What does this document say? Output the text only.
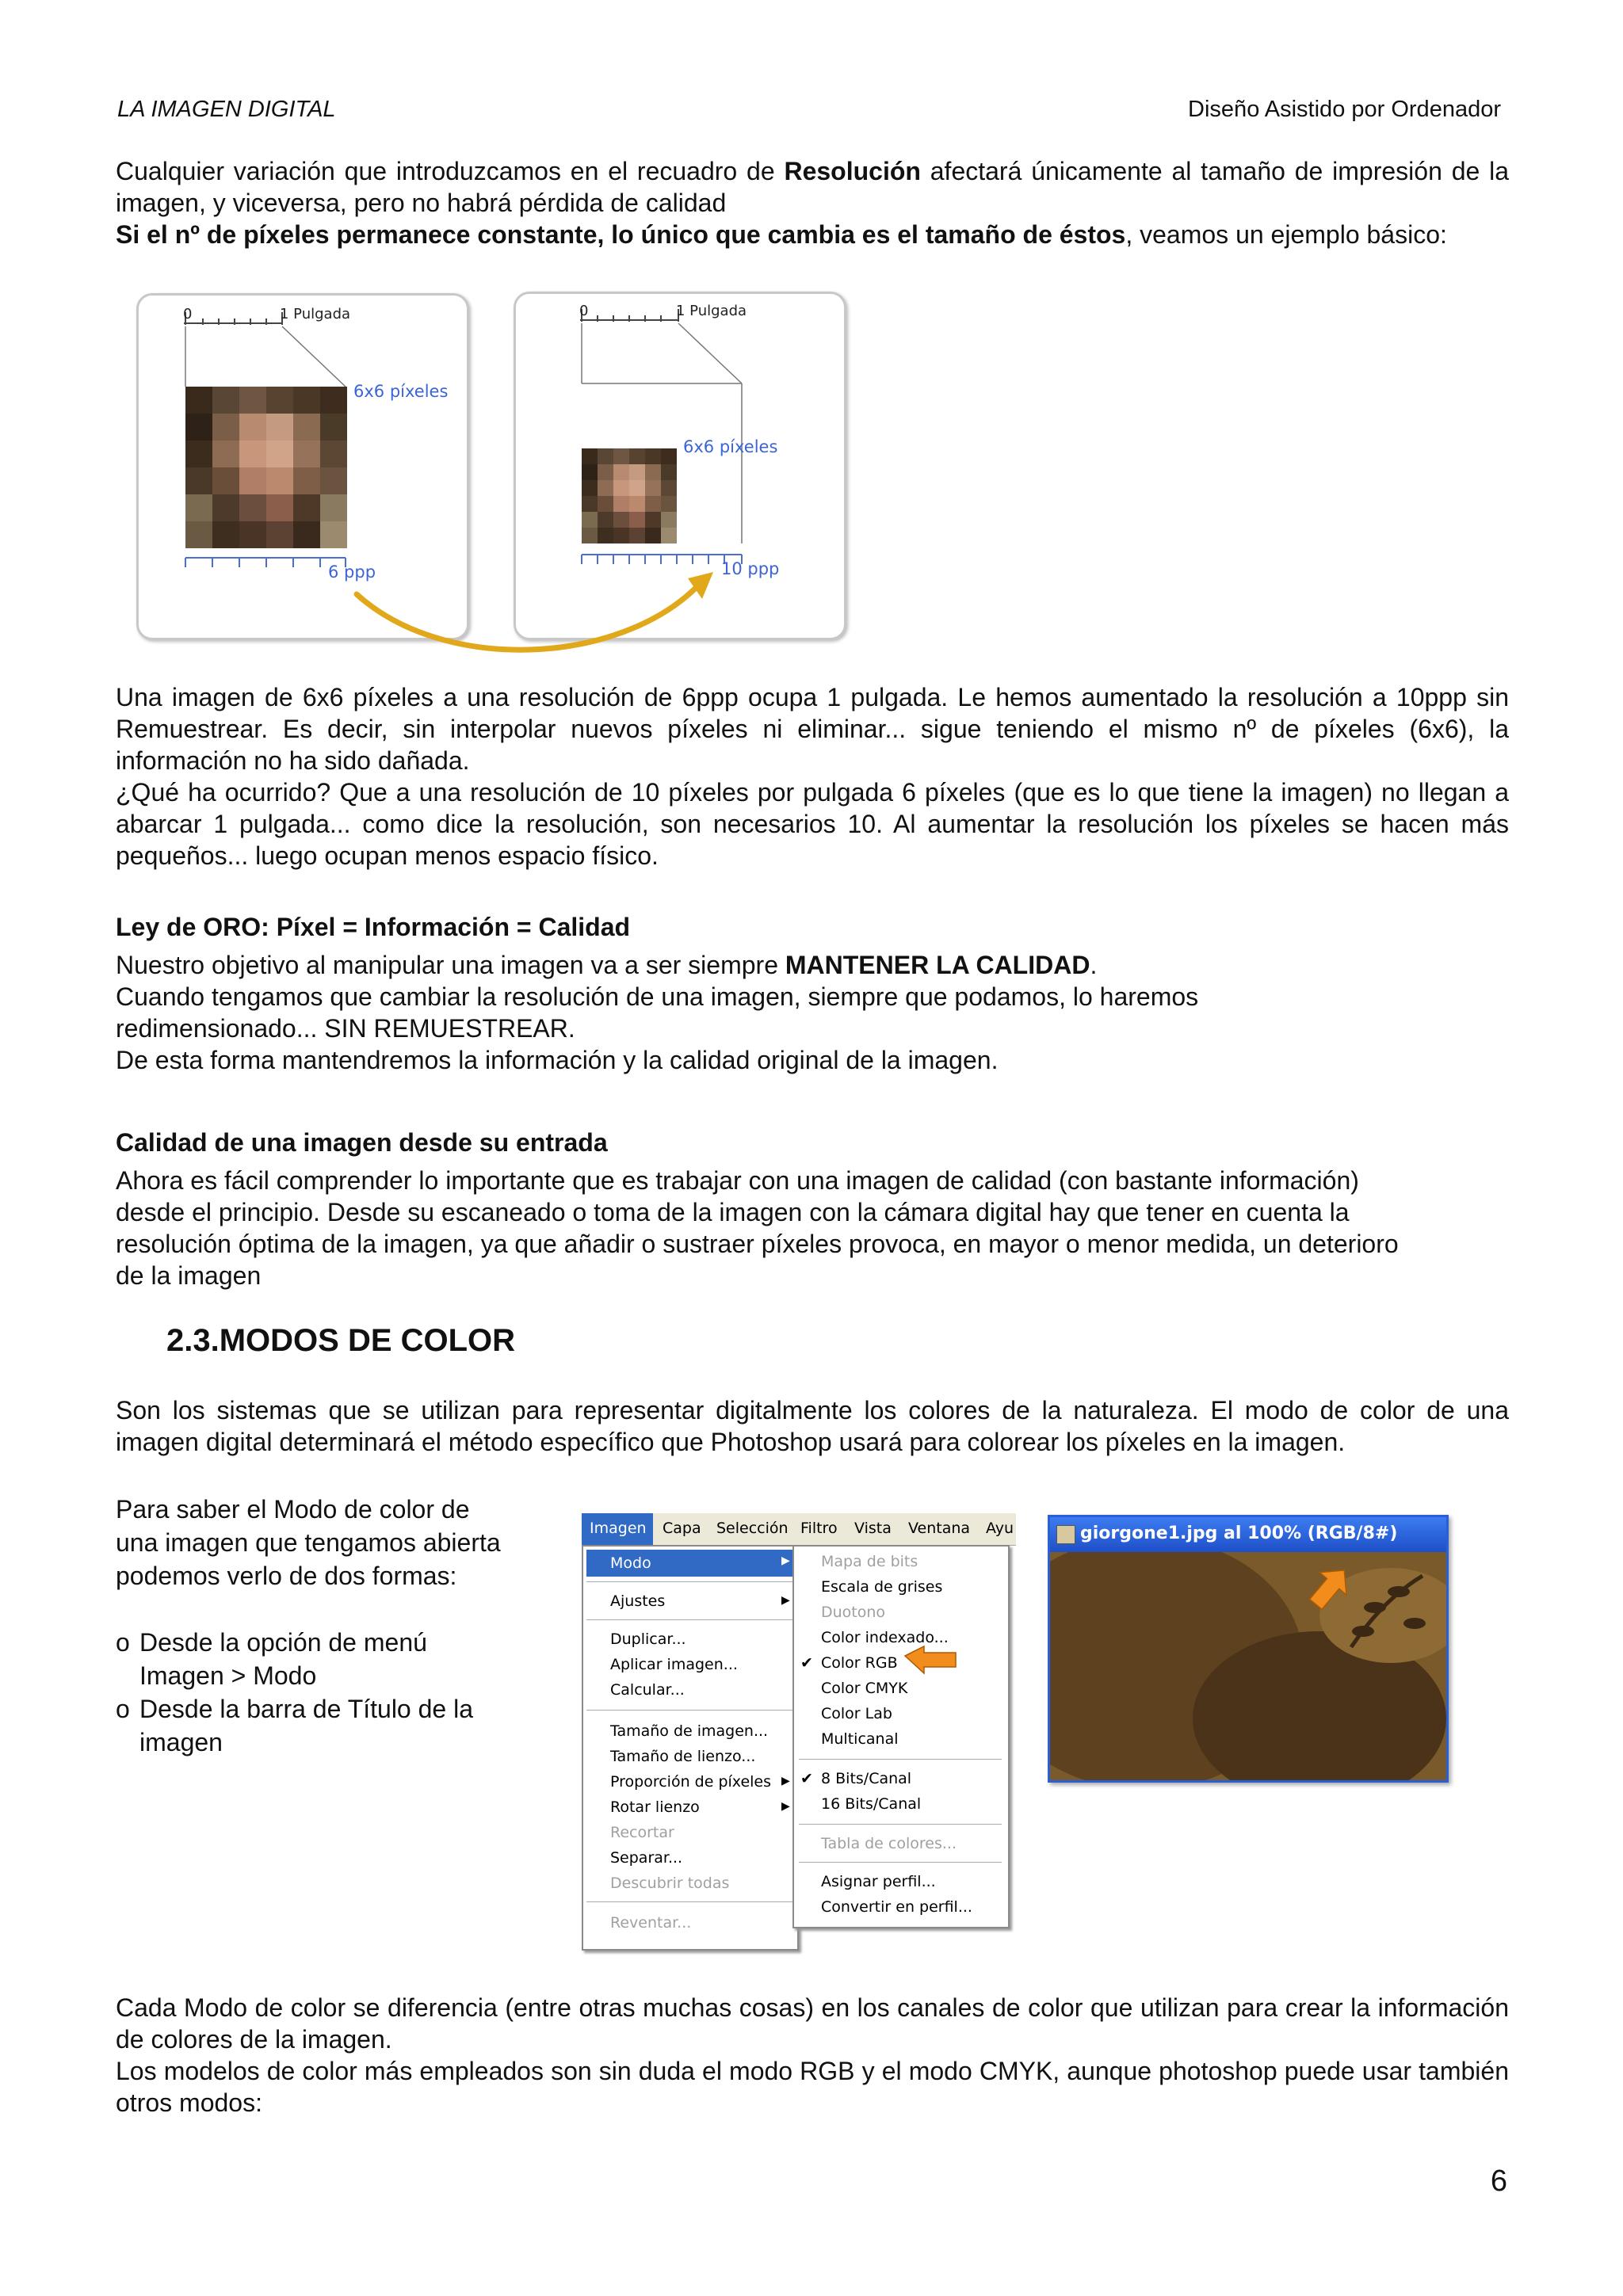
LA IMAGEN DIGITAL	Diseño Asistido por Ordenador

Cualquier variación que introduzcamos en el recuadro de Resolución afectará únicamente al tamaño de impresión de la imagen, y viceversa, pero no habrá pérdida de calidad

Si el nº de píxeles permanece constante, lo único que cambia es el tamaño de éstos, veamos un ejemplo básico:

0	1 Pulgada
6x6 píxeles
6 ppp
0	1 Pulgada
6x6 píxeles
10 ppp

Una imagen de 6x6 píxeles a una resolución de 6ppp ocupa 1 pulgada. Le hemos aumentado la resolución a 10ppp sin Remuestrear. Es decir, sin interpolar nuevos píxeles ni eliminar... sigue teniendo el mismo nº de píxeles (6x6), la información no ha sido dañada.

¿Qué ha ocurrido? Que a una resolución de 10 píxeles por pulgada 6 píxeles (que es lo que tiene la imagen) no llegan a abarcar 1 pulgada... como dice la resolución, son necesarios 10. Al aumentar la resolución los píxeles se hacen más pequeños... luego ocupan menos espacio físico.

Ley de ORO: Píxel = Información = Calidad

Nuestro objetivo al manipular una imagen va a ser siempre MANTENER LA CALIDAD.

Cuando tengamos que cambiar la resolución de una imagen, siempre que podamos, lo haremos

redimensionado... SIN REMUESTREAR.

De esta forma mantendremos la información y la calidad original de la imagen.

Calidad de una imagen desde su entrada

Ahora es fácil comprender lo importante que es trabajar con una imagen de calidad (con bastante información)

desde el principio. Desde su escaneado o toma de la imagen con la cámara digital hay que tener en cuenta la

resolución óptima de la imagen, ya que añadir o sustraer píxeles provoca, en mayor o menor medida, un deterioro

de la imagen

2.3.MODOS DE COLOR

Son los sistemas que se utilizan para representar digitalmente los colores de la naturaleza. El modo de color de una imagen digital determinará el método específico que Photoshop usará para colorear los píxeles en la imagen.

Para saber el Modo de color de
una imagen que tengamos abierta
podemos verlo de dos formas:
o Desde la opción de menú
Imagen > Modo
o Desde la barra de Título de la
imagen
Imagen Capa Selección Filtro Vista Ventana Ayu
Modo	▶
Ajustes	▶
Duplicar...
Aplicar imagen...
Calcular...
Tamaño de imagen...
Tamaño de lienzo...
Proporción de píxeles ▶
Rotar lienzo	▶
Recortar
Separar...
Descubrir todas
Reventar...
Mapa de bits
Escala de grises
Duotono
Color indexado...
✔ Color RGB
Color CMYK
Color Lab
Multicanal
✔ 8 Bits/Canal
16 Bits/Canal
Tabla de colores...
Asignar perfil...
Convertir en perfil...
giorgone1.jpg al 100% (RGB/8#)

Cada Modo de color se diferencia (entre otras muchas cosas) en los canales de color que utilizan para crear la información de colores de la imagen.

Los modelos de color más empleados son sin duda el modo RGB y el modo CMYK, aunque photoshop puede usar también otros modos:

6
